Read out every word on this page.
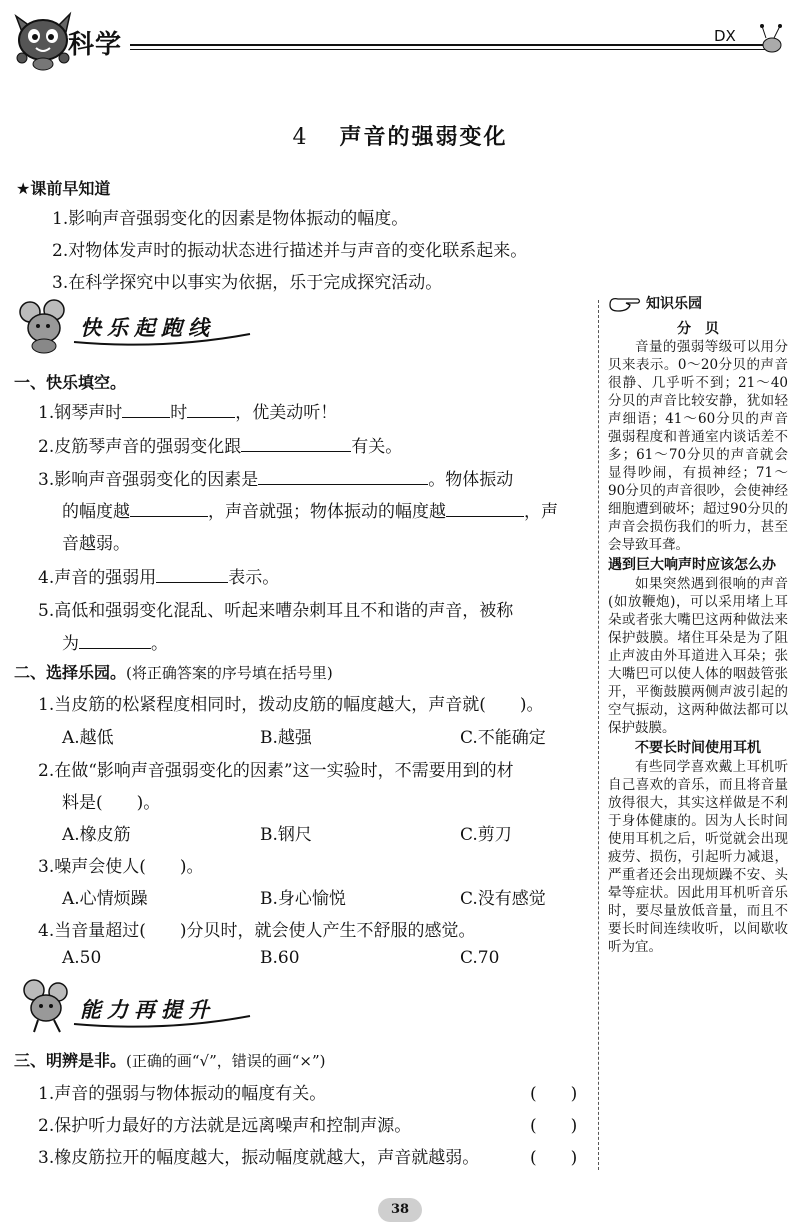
科学	DX
4 声音的强弱变化
★课前早知道
1.影响声音强弱变化的因素是物体振动的幅度。
2.对物体发声时的振动状态进行描述并与声音的变化联系起来。
3.在科学探究中以事实为依据，乐于完成探究活动。
快乐起跑线
一、快乐填空。
1.钢琴声时	时	，优美动听！
2.皮筋琴声音的强弱变化跟	有关。
3.影响声音强弱变化的因素是	。物体振动
的幅度越	，声音就强；物体振动的幅度越	，声
音越弱。
4.声音的强弱用	表示。
5.高低和强弱变化混乱、听起来嘈杂刺耳且不和谐的声音，被称
为	。
二、选择乐园。(将正确答案的序号填在括号里)
1.当皮筋的松紧程度相同时，拨动皮筋的幅度越大，声音就(　　)。
A.越低	B.越强	C.不能确定
2.在做“影响声音强弱变化的因素”这一实验时，不需要用到的材
料是(　　)。
A.橡皮筋	B.钢尺	C.剪刀
3.噪声会使人(　　)。
A.心情烦躁	B.身心愉悦	C.没有感觉
4.当音量超过(　　)分贝时，就会使人产生不舒服的感觉。
A.50	B.60	C.70
能力再提升
三、明辨是非。(正确的画“√”，错误的画“×”)
1.声音的强弱与物体振动的幅度有关。	(　　)
2.保护听力最好的方法就是远离噪声和控制声源。	(　　)
3.橡皮筋拉开的幅度越大，振动幅度就越大，声音就越弱。	(　　)
知识乐园
分　贝

音量的强弱等级可以用分贝来表示。0～20分贝的声音很静、几乎听不到；21～40分贝的声音比较安静，犹如轻声细语；41～60分贝的声音强弱程度和普通室内谈话差不多；61～70分贝的声音就会显得吵闹，有损神经；71～90分贝的声音很吵，会使神经细胞遭到破坏；超过90分贝的声音会损伤我们的听力，甚至会导致耳聋。

遇到巨大响声时应该怎么办

如果突然遇到很响的声音(如放鞭炮)，可以采用堵上耳朵或者张大嘴巴这两种做法来保护鼓膜。堵住耳朵是为了阻止声波由外耳道进入耳朵；张大嘴巴可以使人体的咽鼓管张开，平衡鼓膜两侧声波引起的空气振动，这两种做法都可以保护鼓膜。

不要长时间使用耳机

有些同学喜欢戴上耳机听自己喜欢的音乐，而且将音量放得很大，其实这样做是不利于身体健康的。因为人长时间使用耳机之后，听觉就会出现疲劳、损伤，引起听力减退，严重者还会出现烦躁不安、头晕等症状。因此用耳机听音乐时，要尽量放低音量，而且不要长时间连续收听，以间歇收听为宜。

38
